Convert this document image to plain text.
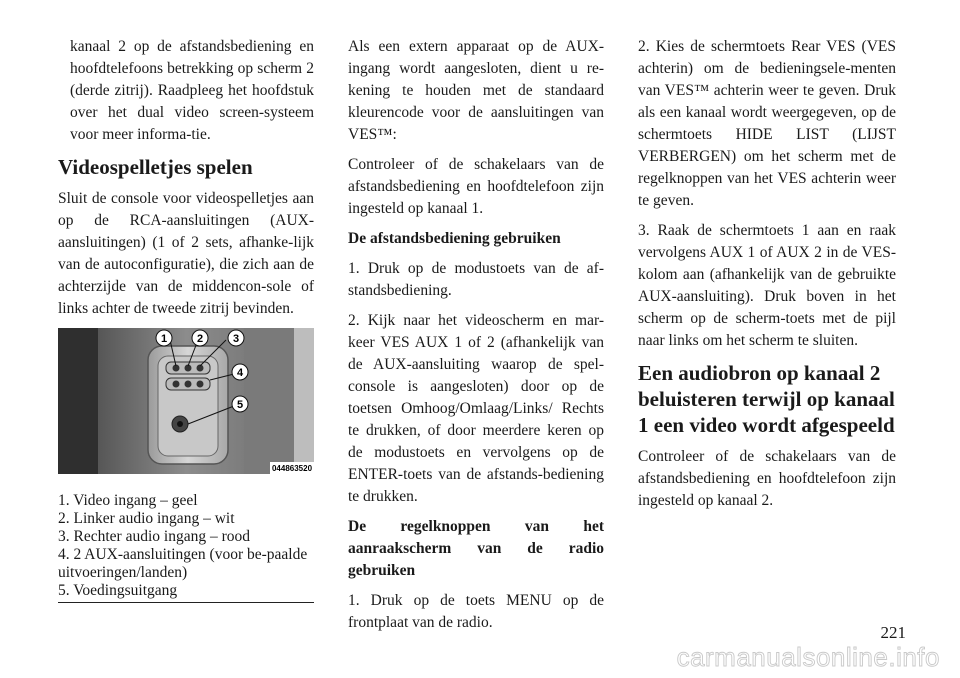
kanaal 2 op de afstandsbediening en hoofdtelefoons betrekking op scherm 2 (derde zitrij). Raadpleeg het hoofdstuk over het dual video screen-systeem voor meer informa-tie.

Videospelletjes spelen

Sluit de console voor videospelletjes aan op de RCA-aansluitingen (AUX-aansluitingen) (1 of 2 sets, afhanke-lijk van de autoconfiguratie), die zich aan de achterzijde van de middencon-sole of links achter de tweede zitrij bevinden.

1	2	3
4
5
044863520

1. Video ingang – geel

2. Linker audio ingang – wit

3. Rechter audio ingang – rood

4. 2 AUX-aansluitingen (voor be-paalde uitvoeringen/landen)

5. Voedingsuitgang

Als een extern apparaat op de AUX-ingang wordt aangesloten, dient u re-kening te houden met de standaard kleurencode voor de aansluitingen van VES™:

Controleer of de schakelaars van de afstandsbediening en hoofdtelefoon zijn ingesteld op kanaal 1.

De afstandsbediening gebruiken

1. Druk op de modustoets van de af-standsbediening.

2. Kijk naar het videoscherm en mar-keer VES AUX 1 of 2 (afhankelijk van de AUX-aansluiting waarop de spel-console is aangesloten) door op de toetsen Omhoog/Omlaag/Links/ Rechts te drukken, of door meerdere keren op de modustoets en vervolgens op de ENTER-toets van de afstands-bediening te drukken.

De regelknoppen van het aanraakscherm van de radio gebruiken

1. Druk op de toets MENU op de frontplaat van de radio.

2. Kies de schermtoets Rear VES (VES achterin) om de bedieningsele-menten van VES™ achterin weer te geven. Druk als een kanaal wordt weergegeven, op de schermtoets HIDE LIST (LIJST VERBERGEN) om het scherm met de regelknoppen van het VES achterin weer te geven.

3. Raak de schermtoets 1 aan en raak vervolgens AUX 1 of AUX 2 in de VES-kolom aan (afhankelijk van de gebruikte AUX-aansluiting). Druk boven in het scherm op de scherm-toets met de pijl naar links om het scherm te sluiten.

Een audiobron op kanaal 2 beluisteren terwijl op kanaal 1 een video wordt afgespeeld

Controleer of de schakelaars van de afstandsbediening en hoofdtelefoon zijn ingesteld op kanaal 2.

221
carmanualsonline.info
